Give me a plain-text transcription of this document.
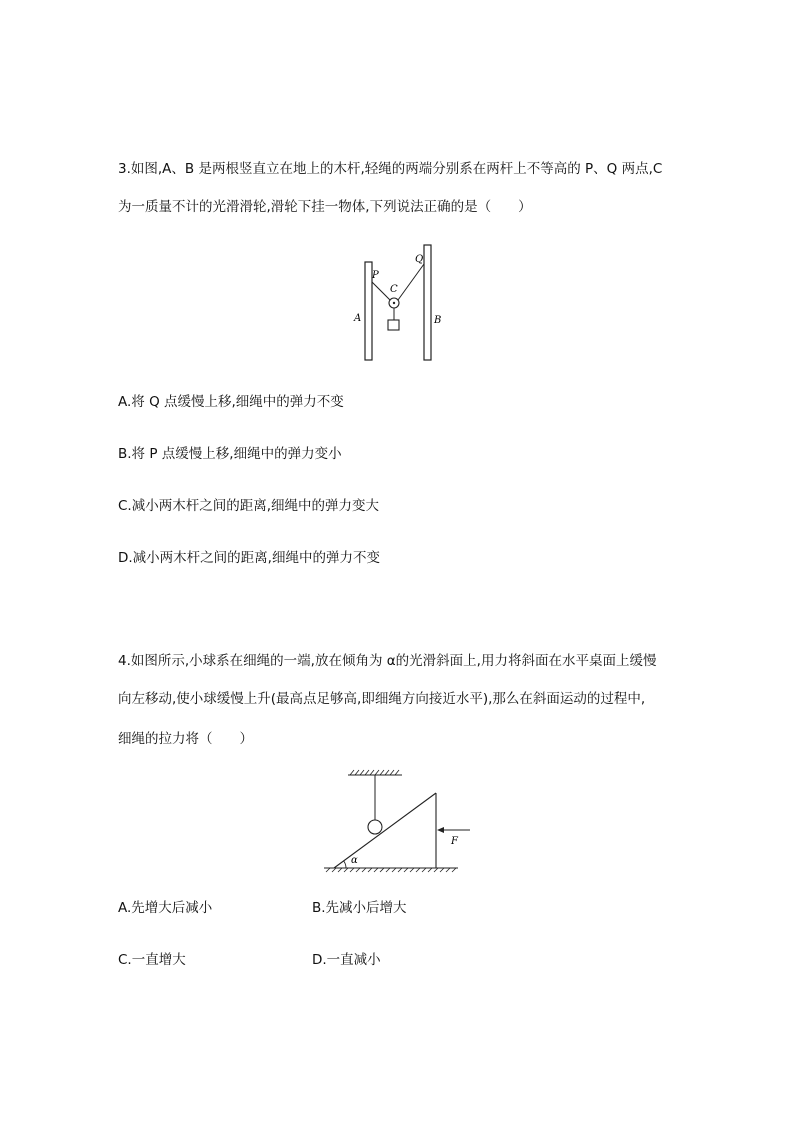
3.如图,A、B 是两根竖直立在地上的木杆,轻绳的两端分别系在两杆上不等高的 P、Q 两点,C
为一质量不计的光滑滑轮,滑轮下挂一物体,下列说法正确的是（　　）
P
Q
C
A	B
A.将 Q 点缓慢上移,细绳中的弹力不变
B.将 P 点缓慢上移,细绳中的弹力变小
C.减小两木杆之间的距离,细绳中的弹力变大
D.减小两木杆之间的距离,细绳中的弹力不变
4.如图所示,小球系在细绳的一端,放在倾角为 α的光滑斜面上,用力将斜面在水平桌面上缓慢
向左移动,使小球缓慢上升(最高点足够高,即细绳方向接近水平),那么在斜面运动的过程中,
细绳的拉力将（　　）
α
F
A.先增大后减小	B.先减小后增大
C.一直增大	D.一直减小
